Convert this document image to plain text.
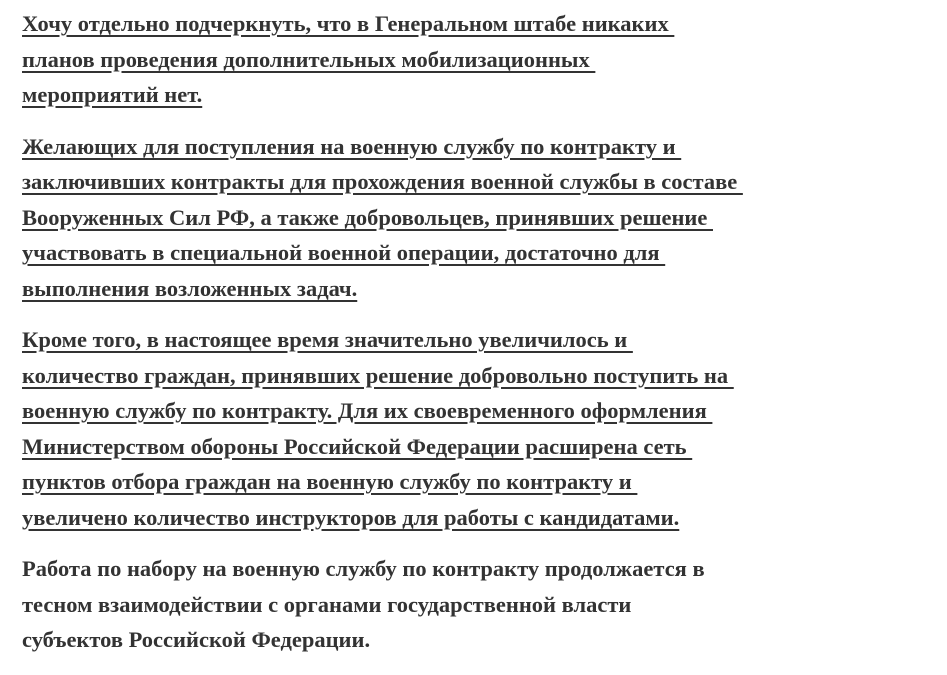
Хочу отдельно подчеркнуть, что в Генеральном штабе никаких
планов проведения дополнительных мобилизационных
мероприятий нет.

Желающих для поступления на военную службу по контракту и
заключивших контракты для прохождения военной службы в составе
Вооруженных Сил РФ, а также добровольцев, принявших решение
участвовать в специальной военной операции, достаточно для
выполнения возложенных задач.

Кроме того, в настоящее время значительно увеличилось и
количество граждан, принявших решение добровольно поступить на
военную службу по контракту. Для их своевременного оформления
Министерством обороны Российской Федерации расширена сеть
пунктов отбора граждан на военную службу по контракту и
увеличено количество инструкторов для работы с кандидатами.

Работа по набору на военную службу по контракту продолжается в
тесном взаимодействии с органами государственной власти
субъектов Российской Федерации.
